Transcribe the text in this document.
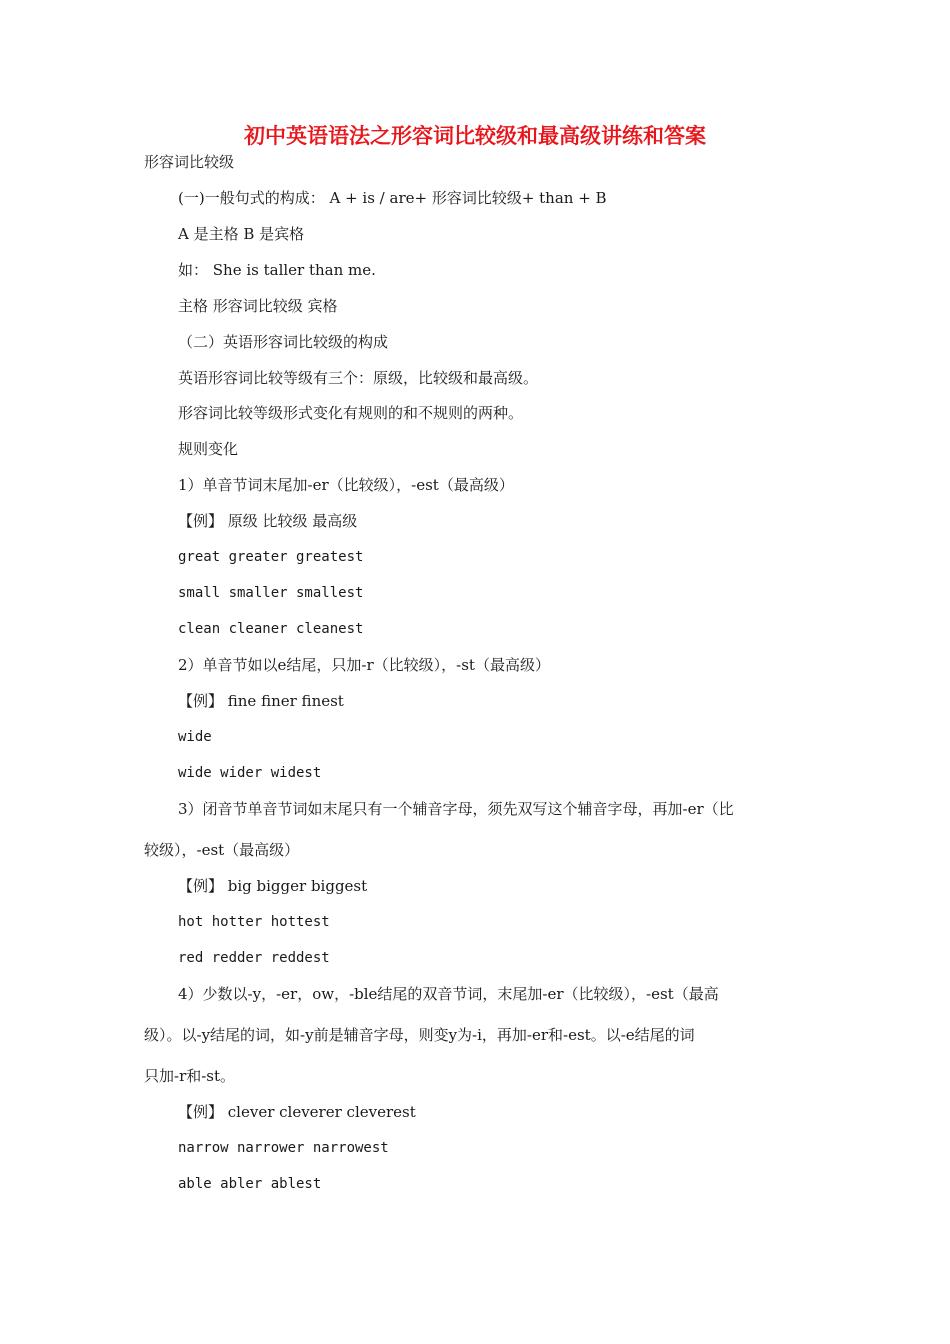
初中英语语法之形容词比较级和最高级讲练和答案
形容词比较级
(一)一般句式的构成： A + is / are+ 形容词比较级+ than + B
A 是主格 B 是宾格
如： She is taller than me.
主格 形容词比较级 宾格
（二）英语形容词比较级的构成
英语形容词比较等级有三个：原级，比较级和最高级。
形容词比较等级形式变化有规则的和不规则的两种。
规则变化
1）单音节词末尾加-er（比较级），-est（最高级）
【例】 原级 比较级 最高级
great greater greatest
small smaller smallest
clean cleaner cleanest
2）单音节如以e结尾，只加-r（比较级），-st（最高级）
【例】 fine finer finest
wide
wide wider widest
3）闭音节单音节词如末尾只有一个辅音字母，须先双写这个辅音字母，再加-er（比
较级），-est（最高级）
【例】 big bigger biggest
hot hotter hottest
red redder reddest
4）少数以-y，-er，ow，-ble结尾的双音节词，末尾加-er（比较级），-est（最高
级）。以-y结尾的词，如-y前是辅音字母，则变y为-i，再加-er和-est。以-e结尾的词
只加-r和-st。
【例】 clever cleverer cleverest
narrow narrower narrowest
able abler ablest
